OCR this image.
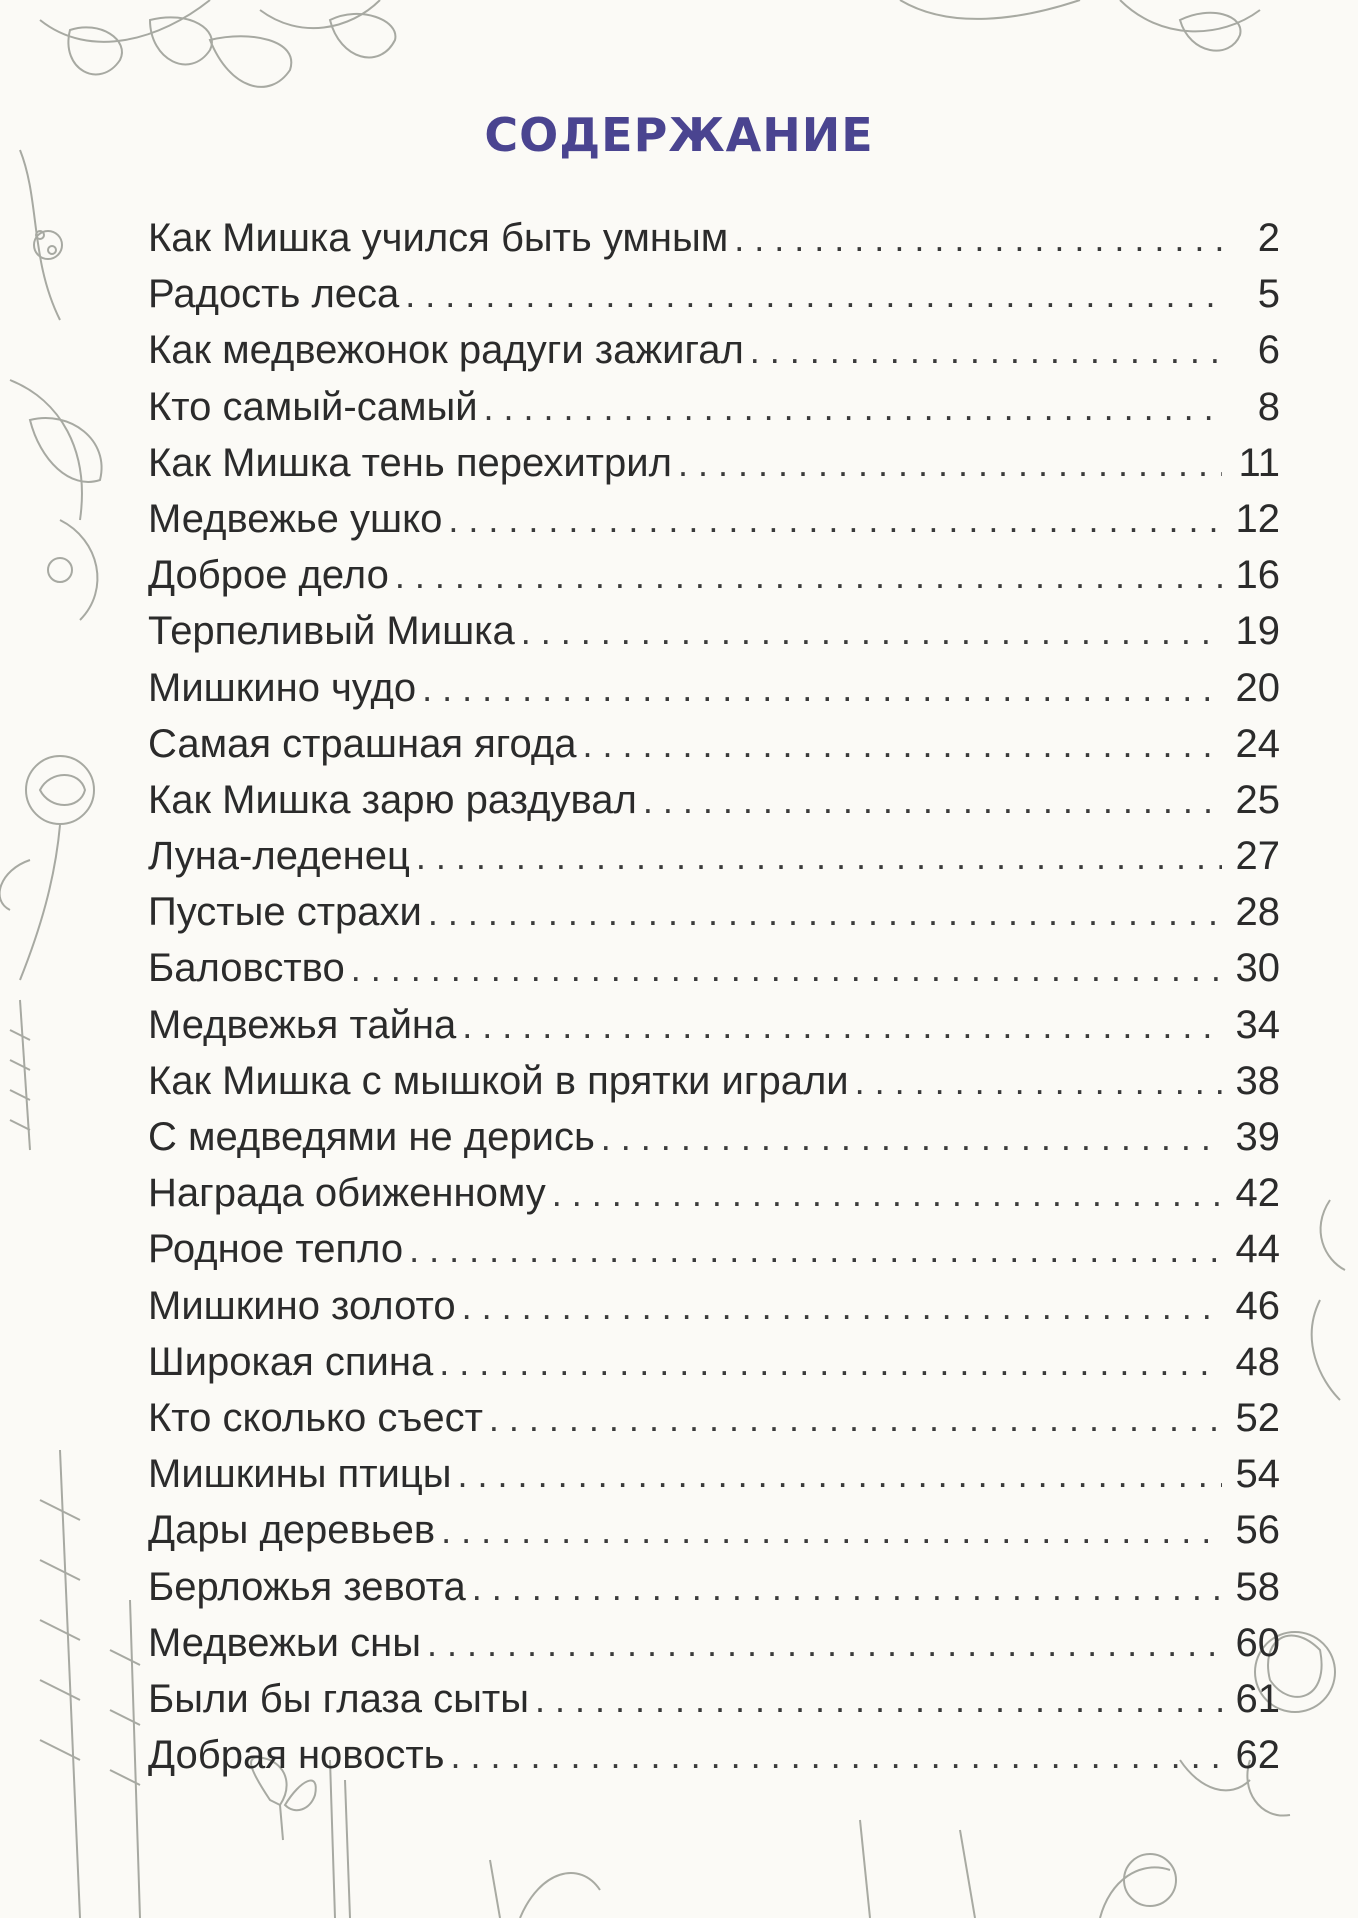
СОДЕРЖАНИЕ
Как Мишка учился быть умным . . .	2
Радость леса . . .	5
Как медвежонок радуги зажигал . . .	6
Кто самый-самый . . .	8
Как Мишка тень перехитрил . . .	11
Медвежье ушко . . .	12
Доброе дело . . .	16
Терпеливый Мишка . . .	19
Мишкино чудо . . .	20
Самая страшная ягода . . .	24
Как Мишка зарю раздувал . . .	25
Луна-леденец . . .	27
Пустые страхи . . .	28
Баловство . . .	30
Медвежья тайна . . .	34
Как Мишка с мышкой в прятки играли . . .	38
С медведями не дерись . . .	39
Награда обиженному . . .	42
Родное тепло . . .	44
Мишкино золото . . .	46
Широкая спина . . .	48
Кто сколько съест . . .	52
Мишкины птицы . . .	54
Дары деревьев . . .	56
Берложья зевота . . .	58
Медвежьи сны . . .	60
Были бы глаза сыты . . .	61
Добрая новость . . .	62
